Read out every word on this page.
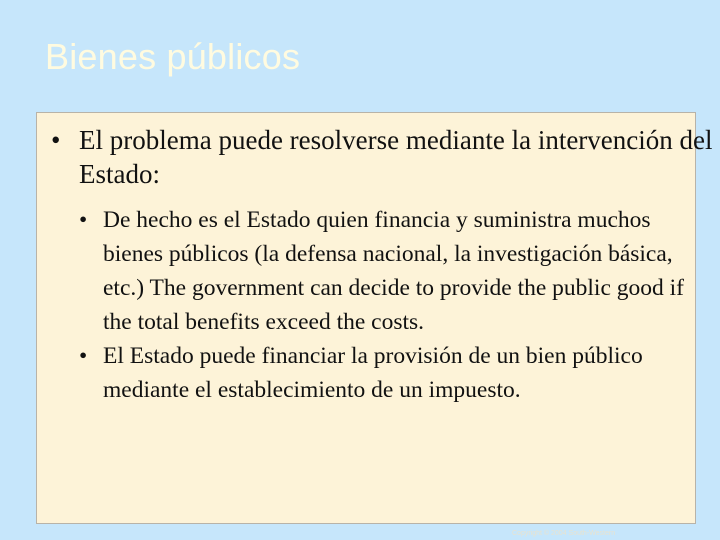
Bienes públicos
• El problema puede resolverse mediante la intervención del Estado:

• De hecho es el Estado quien financia y suministra muchos bienes públicos (la defensa nacional, la investigación básica, etc.) The government can decide to provide the public good if the total benefits exceed the costs.

• El Estado puede financiar la provisión de un bien público mediante el establecimiento de un impuesto.

Copyright © 2004 South-Western
